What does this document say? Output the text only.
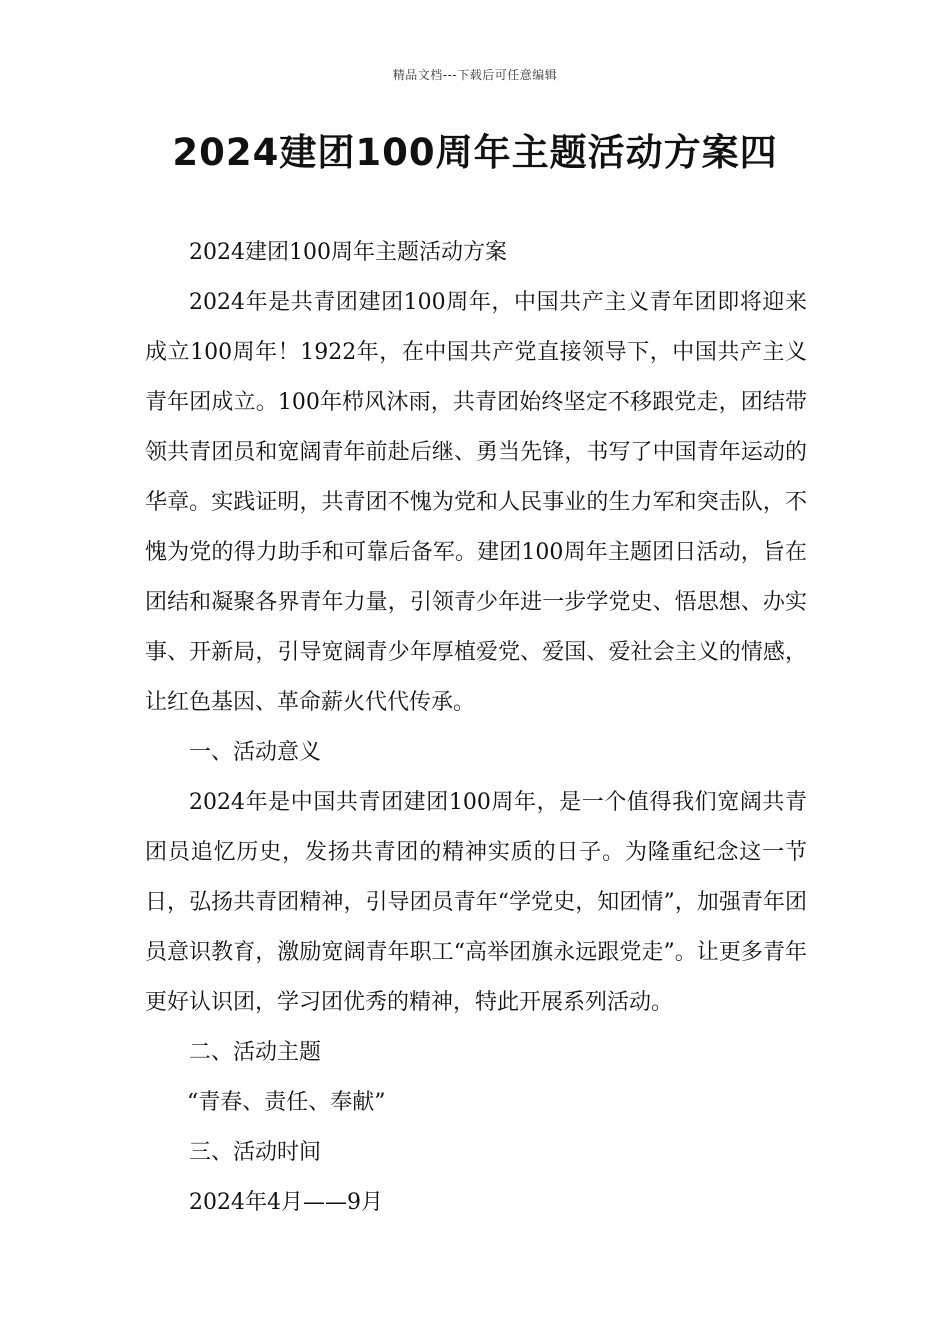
精品文档---下载后可任意编辑
2024建团100周年主题活动方案四

2024建团100周年主题活动方案

2024年是共青团建团100周年，中国共产主义青年团即将迎来成立100周年！1922年，在中国共产党直接领导下，中国共产主义青年团成立。100年栉风沐雨，共青团始终坚定不移跟党走，团结带领共青团员和宽阔青年前赴后继、勇当先锋，书写了中国青年运动的华章。实践证明，共青团不愧为党和人民事业的生力军和突击队，不愧为党的得力助手和可靠后备军。建团100周年主题团日活动，旨在团结和凝聚各界青年力量，引领青少年进一步学党史、悟思想、办实事、开新局，引导宽阔青少年厚植爱党、爱国、爱社会主义的情感，让红色基因、革命薪火代代传承。

一、活动意义

2024年是中国共青团建团100周年，是一个值得我们宽阔共青团员追忆历史，发扬共青团的精神实质的日子。为隆重纪念这一节日，弘扬共青团精神，引导团员青年“学党史，知团情”，加强青年团员意识教育，激励宽阔青年职工“高举团旗永远跟党走”。让更多青年更好认识团，学习团优秀的精神，特此开展系列活动。

二、活动主题

“青春、责任、奉献”

三、活动时间

2024年4月——9月
